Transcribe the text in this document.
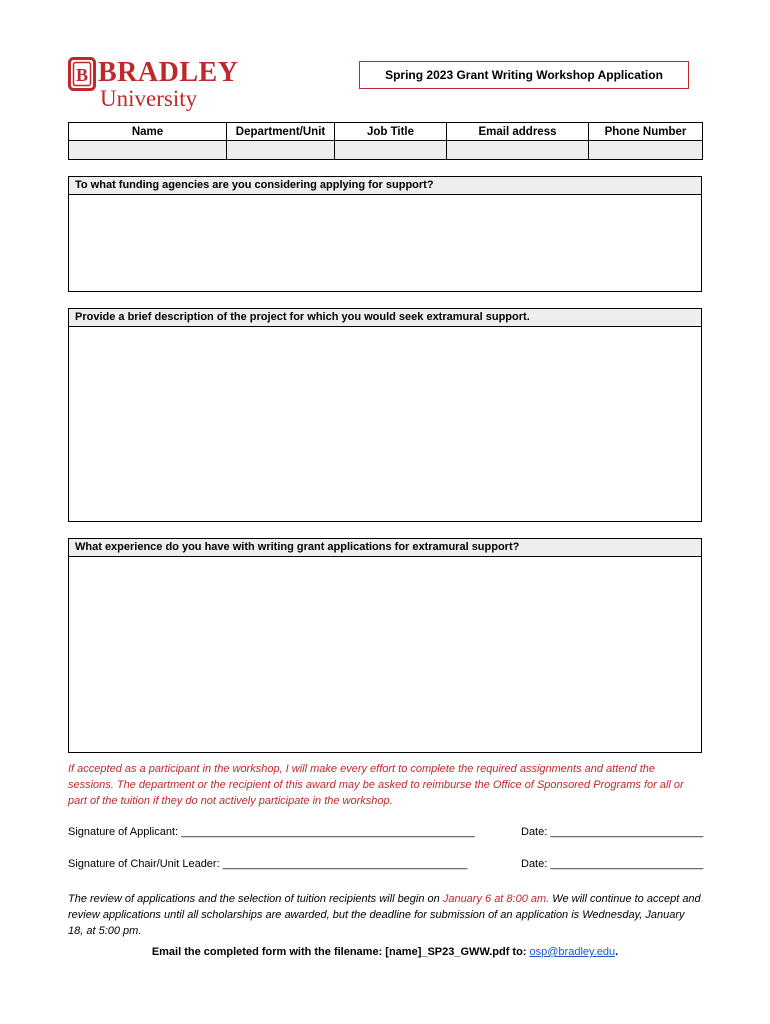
B BRADLEY
University
Spring 2023 Grant Writing Workshop Application
Name	Department/Unit	Job Title	Email address	Phone Number

To what funding agencies are you considering applying for support?
Provide a brief description of the project for which you would seek extramural support.
What experience do you have with writing grant applications for extramural support?
If accepted as a participant in the workshop, I will make every effort to complete the required assignments and attend the sessions. The department or the recipient of this award may be asked to reimburse the Office of Sponsored Programs for all or part of the tuition if they do not actively participate in the workshop.
Signature of Applicant: ________________________________________________	Date: _________________________
Signature of Chair/Unit Leader: ________________________________________	Date: _________________________
The review of applications and the selection of tuition recipients will begin on January 6 at 8:00 am. We will continue to accept and review applications until all scholarships are awarded, but the deadline for submission of an application is Wednesday, January 18, at 5:00 pm.
Email the completed form with the filename: [name]_SP23_GWW.pdf to: osp@bradley.edu.
